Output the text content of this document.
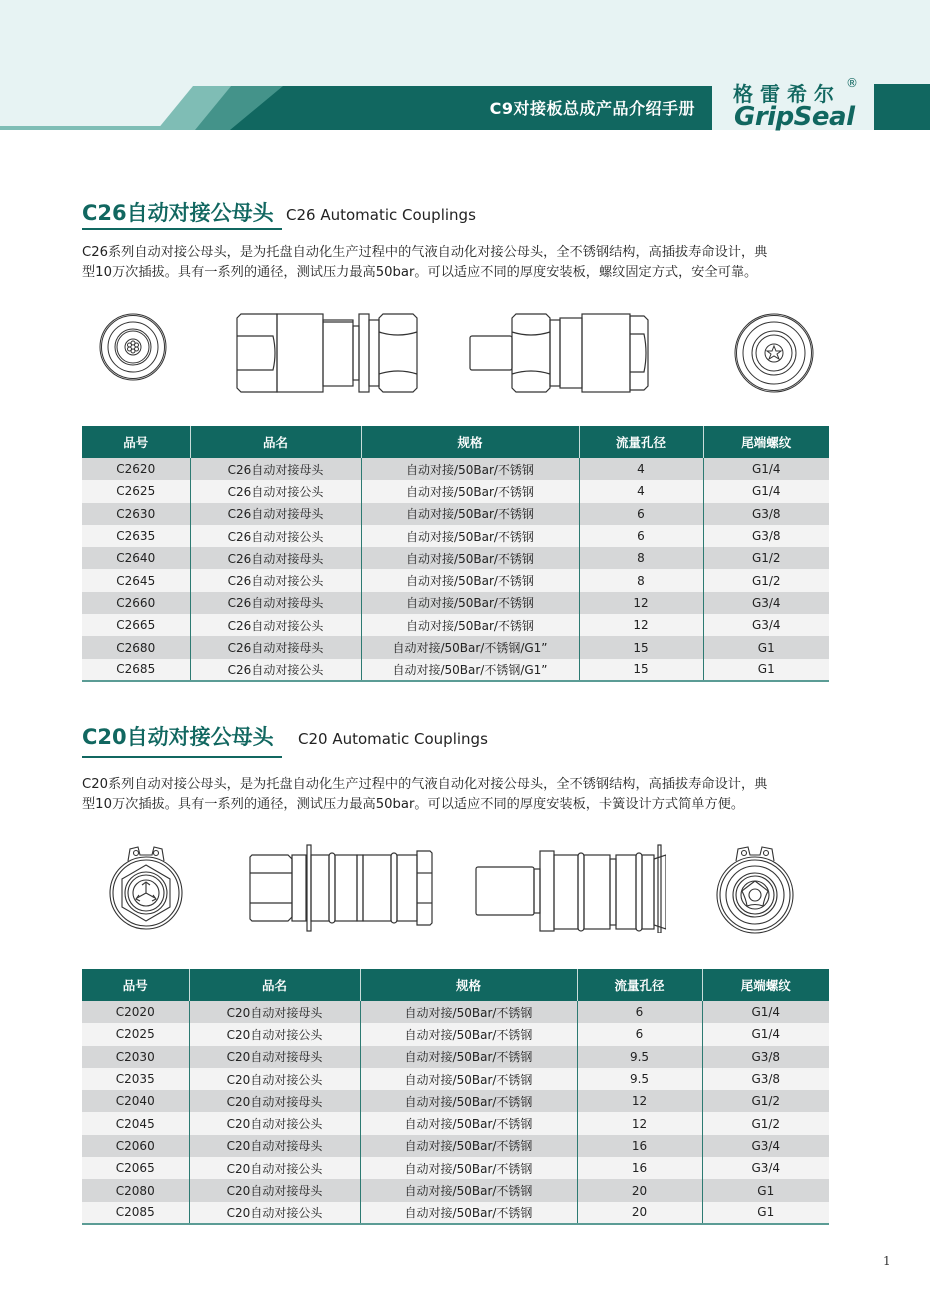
C9对接板总成产品介绍手册
格雷希尔 ®
GripSeal
C26自动对接公母头 C26 Automatic Couplings
C26系列自动对接公母头，是为托盘自动化生产过程中的气液自动化对接公母头，全不锈钢结构，高插拔寿命设计，典
型10万次插拔。具有一系列的通径，测试压力最高50bar。可以适应不同的厚度安装板，螺纹固定方式，安全可靠。
品号	品名	规格	流量孔径	尾端螺纹
C2620	C26自动对接母头	自动对接/50Bar/不锈钢	4	G1/4
C2625	C26自动对接公头	自动对接/50Bar/不锈钢	4	G1/4
C2630	C26自动对接母头	自动对接/50Bar/不锈钢	6	G3/8
C2635	C26自动对接公头	自动对接/50Bar/不锈钢	6	G3/8
C2640	C26自动对接母头	自动对接/50Bar/不锈钢	8	G1/2
C2645	C26自动对接公头	自动对接/50Bar/不锈钢	8	G1/2
C2660	C26自动对接母头	自动对接/50Bar/不锈钢	12	G3/4
C2665	C26自动对接公头	自动对接/50Bar/不锈钢	12	G3/4
C2680	C26自动对接母头	自动对接/50Bar/不锈钢/G1”	15	G1
C2685	C26自动对接公头	自动对接/50Bar/不锈钢/G1”	15	G1
C20自动对接公母头 C20 Automatic Couplings
C20系列自动对接公母头，是为托盘自动化生产过程中的气液自动化对接公母头，全不锈钢结构，高插拔寿命设计，典
型10万次插拔。具有一系列的通径，测试压力最高50bar。可以适应不同的厚度安装板，卡簧设计方式简单方便。
品号	品名	规格	流量孔径	尾端螺纹
C2020	C20自动对接母头	自动对接/50Bar/不锈钢	6	G1/4
C2025	C20自动对接公头	自动对接/50Bar/不锈钢	6	G1/4
C2030	C20自动对接母头	自动对接/50Bar/不锈钢	9.5	G3/8
C2035	C20自动对接公头	自动对接/50Bar/不锈钢	9.5	G3/8
C2040	C20自动对接母头	自动对接/50Bar/不锈钢	12	G1/2
C2045	C20自动对接公头	自动对接/50Bar/不锈钢	12	G1/2
C2060	C20自动对接母头	自动对接/50Bar/不锈钢	16	G3/4
C2065	C20自动对接公头	自动对接/50Bar/不锈钢	16	G3/4
C2080	C20自动对接母头	自动对接/50Bar/不锈钢	20	G1
C2085	C20自动对接公头	自动对接/50Bar/不锈钢	20	G1
1
